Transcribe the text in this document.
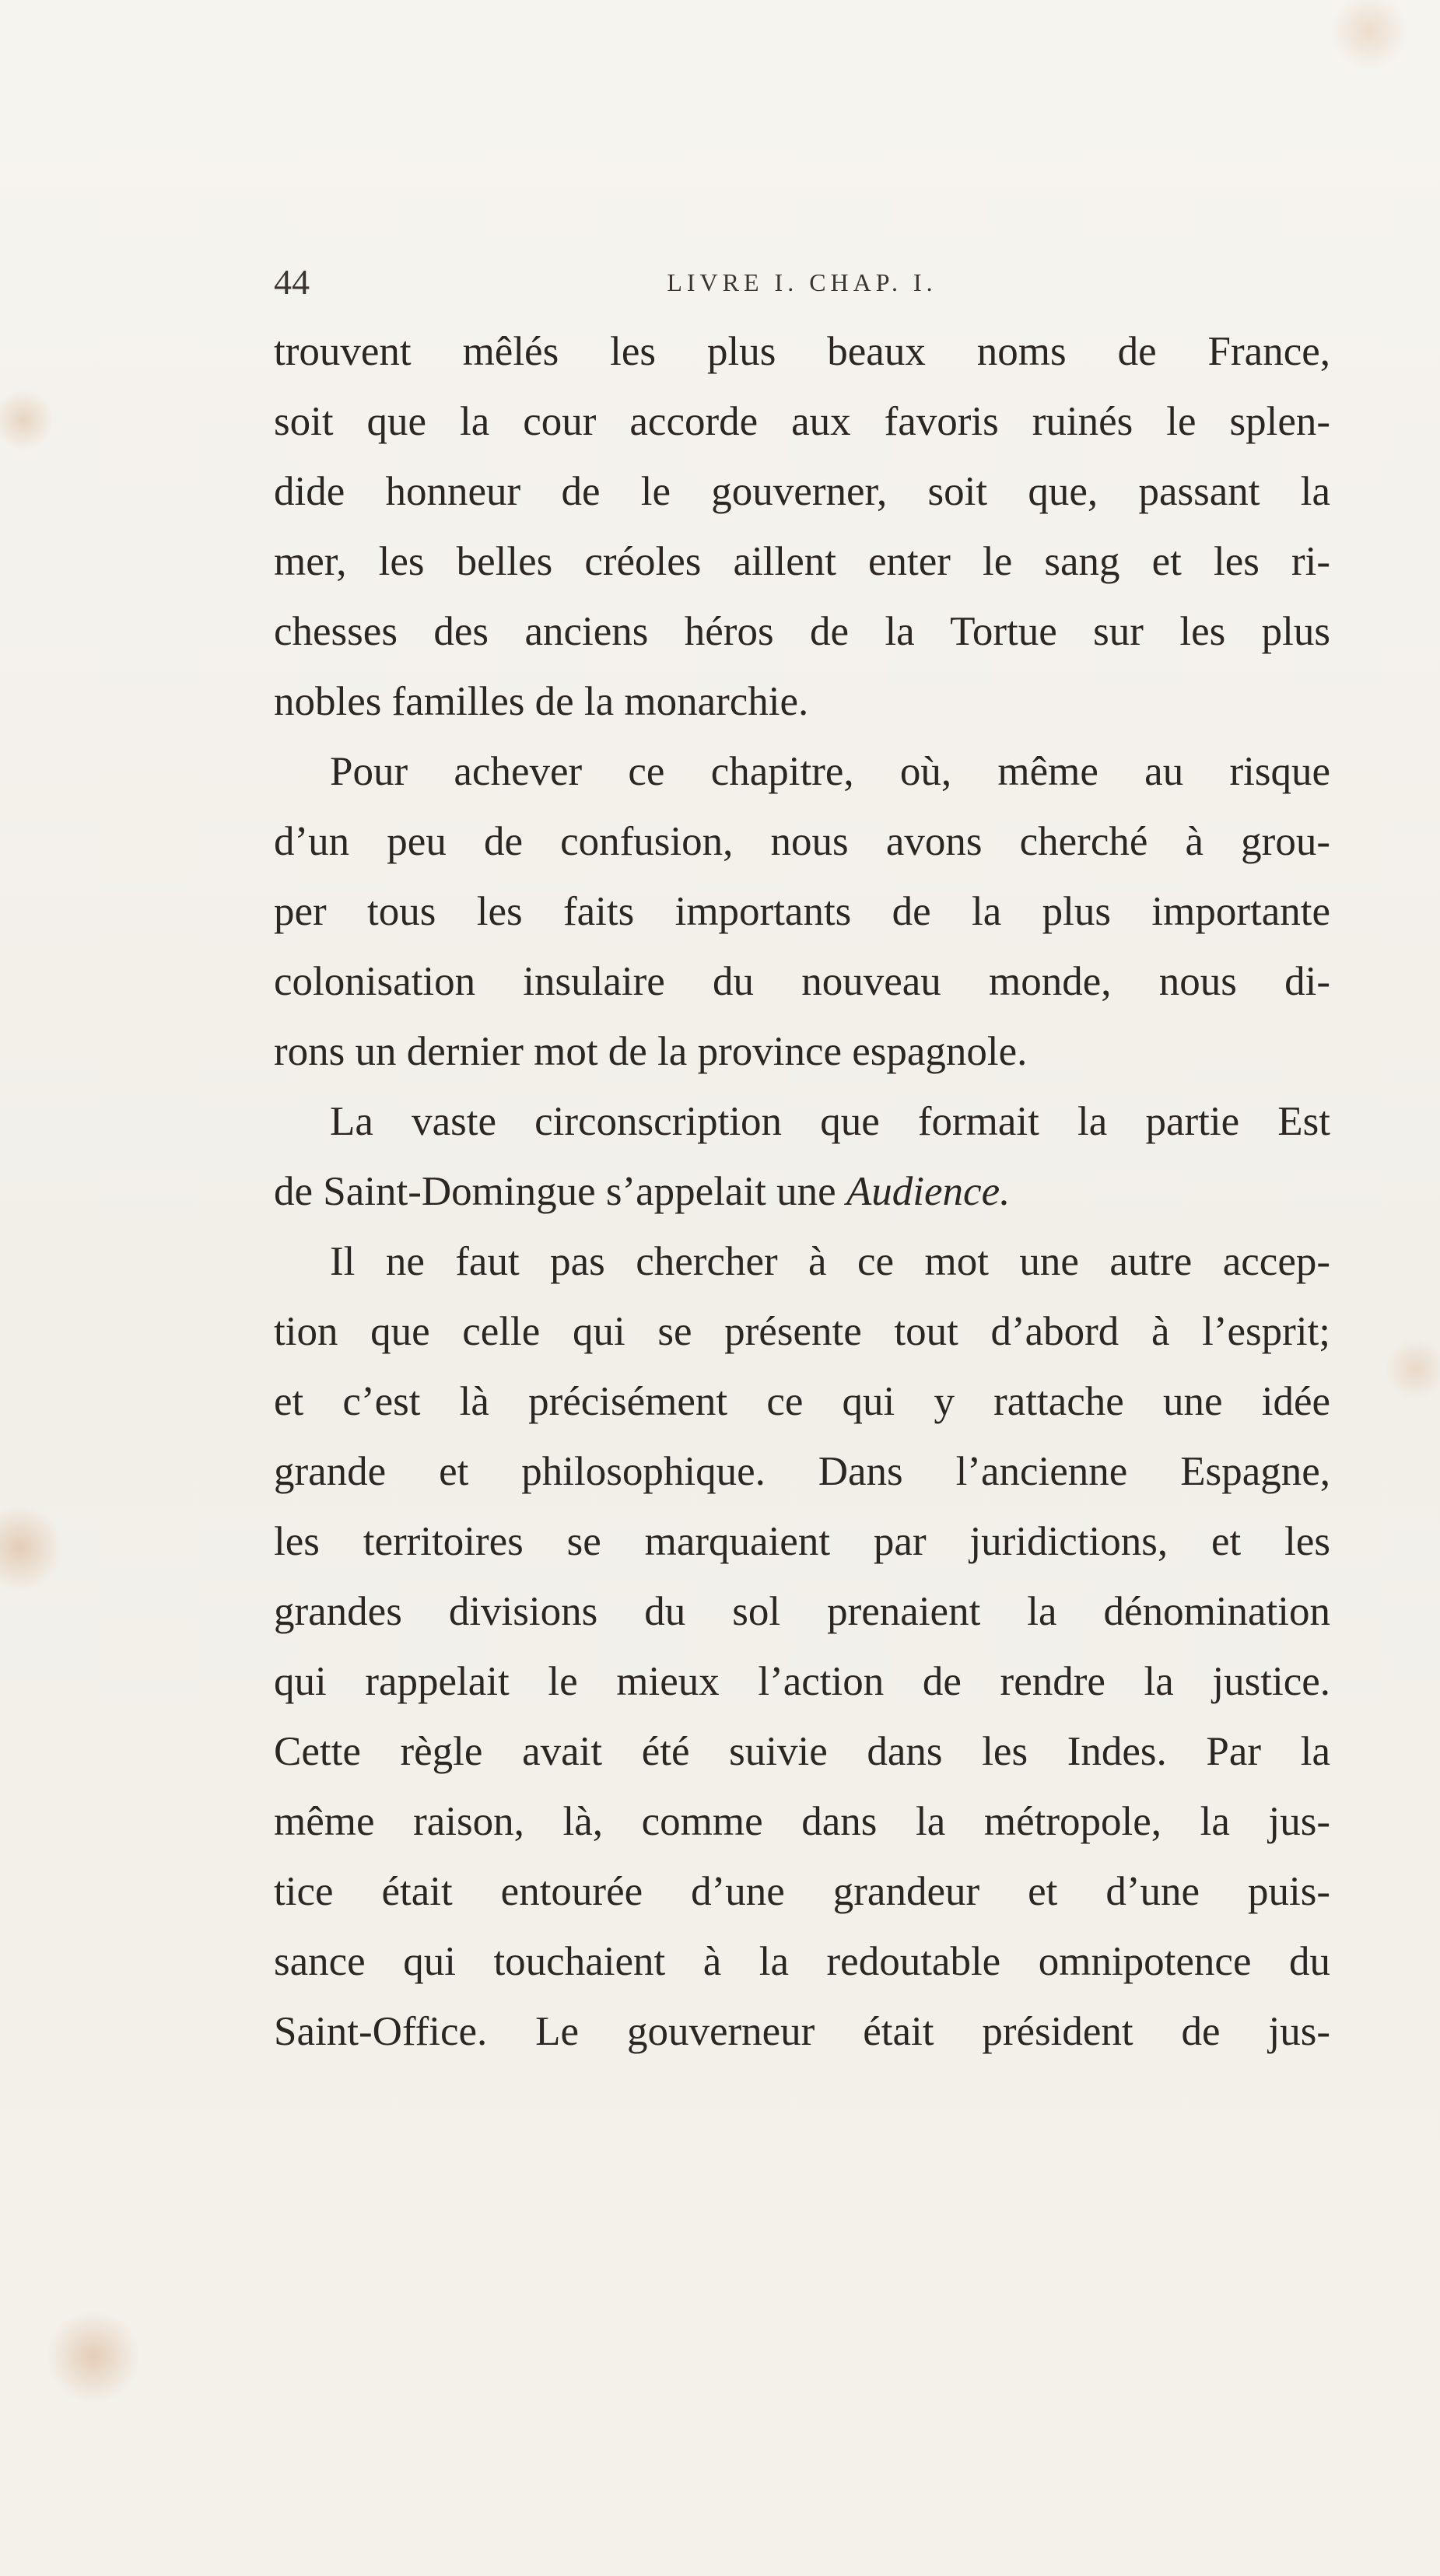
44	LIVRE I. CHAP. I.
trouvent mêlés les plus beaux noms de France,
soit que la cour accorde aux favoris ruinés le splen-
dide honneur de le gouverner, soit que, passant la
mer, les belles créoles aillent enter le sang et les ri-
chesses des anciens héros de la Tortue sur les plus
nobles familles de la monarchie.
Pour achever ce chapitre, où, même au risque
d’un peu de confusion, nous avons cherché à grou-
per tous les faits importants de la plus importante
colonisation insulaire du nouveau monde, nous di-
rons un dernier mot de la province espagnole.
La vaste circonscription que formait la partie Est
de Saint-Domingue s’appelait une Audience.
Il ne faut pas chercher à ce mot une autre accep-
tion que celle qui se présente tout d’abord à l’esprit;
et c’est là précisément ce qui y rattache une idée
grande et philosophique. Dans l’ancienne Espagne,
les territoires se marquaient par juridictions, et les
grandes divisions du sol prenaient la dénomination
qui rappelait le mieux l’action de rendre la justice.
Cette règle avait été suivie dans les Indes. Par la
même raison, là, comme dans la métropole, la jus-
tice était entourée d’une grandeur et d’une puis-
sance qui touchaient à la redoutable omnipotence du
Saint-Office. Le gouverneur était président de jus-
